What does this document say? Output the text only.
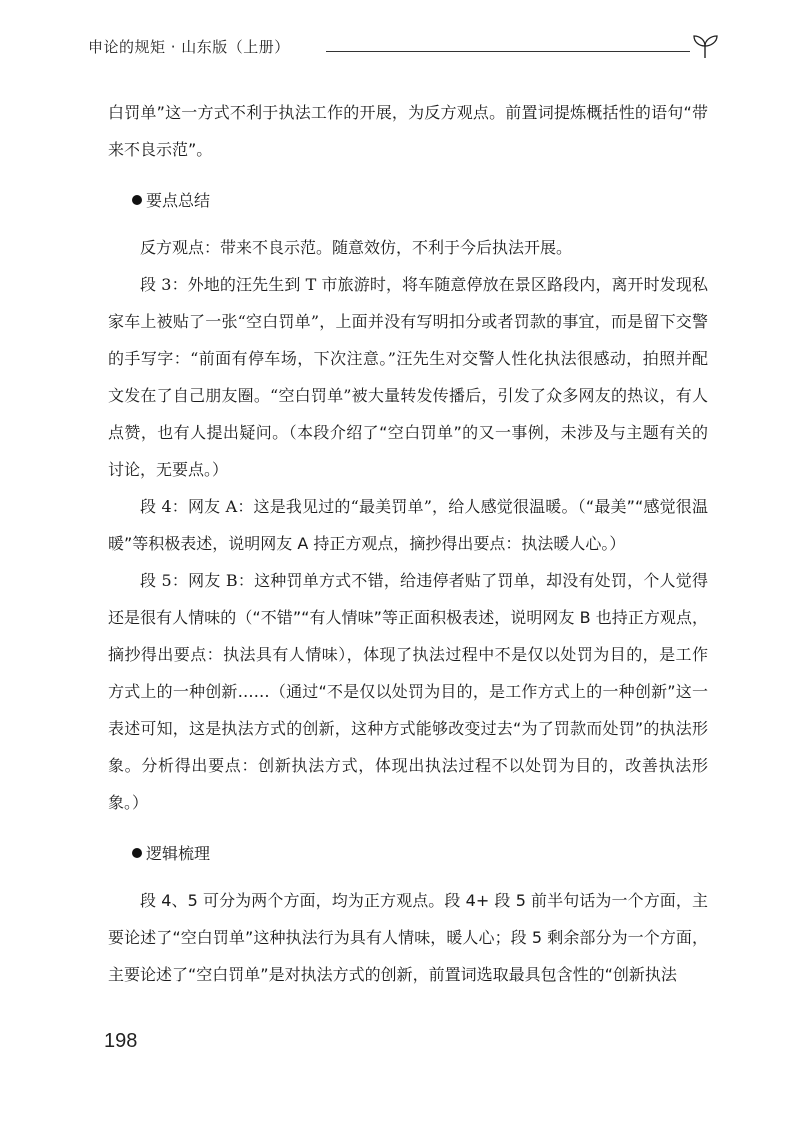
申论的规矩 · 山东版（上册）

白罚单”这一方式不利于执法工作的开展，为反方观点。前置词提炼概括性的语句“带来不良示范”。

要点总结

反方观点：带来不良示范。随意效仿，不利于今后执法开展。

段 3：外地的汪先生到 T 市旅游时，将车随意停放在景区路段内，离开时发现私家车上被贴了一张“空白罚单”，上面并没有写明扣分或者罚款的事宜，而是留下交警的手写字：“前面有停车场，下次注意。”汪先生对交警人性化执法很感动，拍照并配文发在了自己朋友圈。“空白罚单”被大量转发传播后，引发了众多网友的热议，有人点赞，也有人提出疑问。（本段介绍了“空白罚单”的又一事例，未涉及与主题有关的讨论，无要点。）

段 4：网友 A：这是我见过的“最美罚单”，给人感觉很温暖。（“最美”“感觉很温暖”等积极表述，说明网友 A 持正方观点，摘抄得出要点：执法暖人心。）

段 5：网友 B：这种罚单方式不错，给违停者贴了罚单，却没有处罚，个人觉得还是很有人情味的（“不错”“有人情味”等正面积极表述，说明网友 B 也持正方观点，摘抄得出要点：执法具有人情味），体现了执法过程中不是仅以处罚为目的，是工作方式上的一种创新……（通过“不是仅以处罚为目的，是工作方式上的一种创新”这一表述可知，这是执法方式的创新，这种方式能够改变过去“为了罚款而处罚”的执法形象。分析得出要点：创新执法方式，体现出执法过程不以处罚为目的，改善执法形象。）

逻辑梳理

段 4、5 可分为两个方面，均为正方观点。段 4+ 段 5 前半句话为一个方面，主要论述了“空白罚单”这种执法行为具有人情味，暖人心；段 5 剩余部分为一个方面，主要论述了“空白罚单”是对执法方式的创新，前置词选取最具包含性的“创新执法

198
